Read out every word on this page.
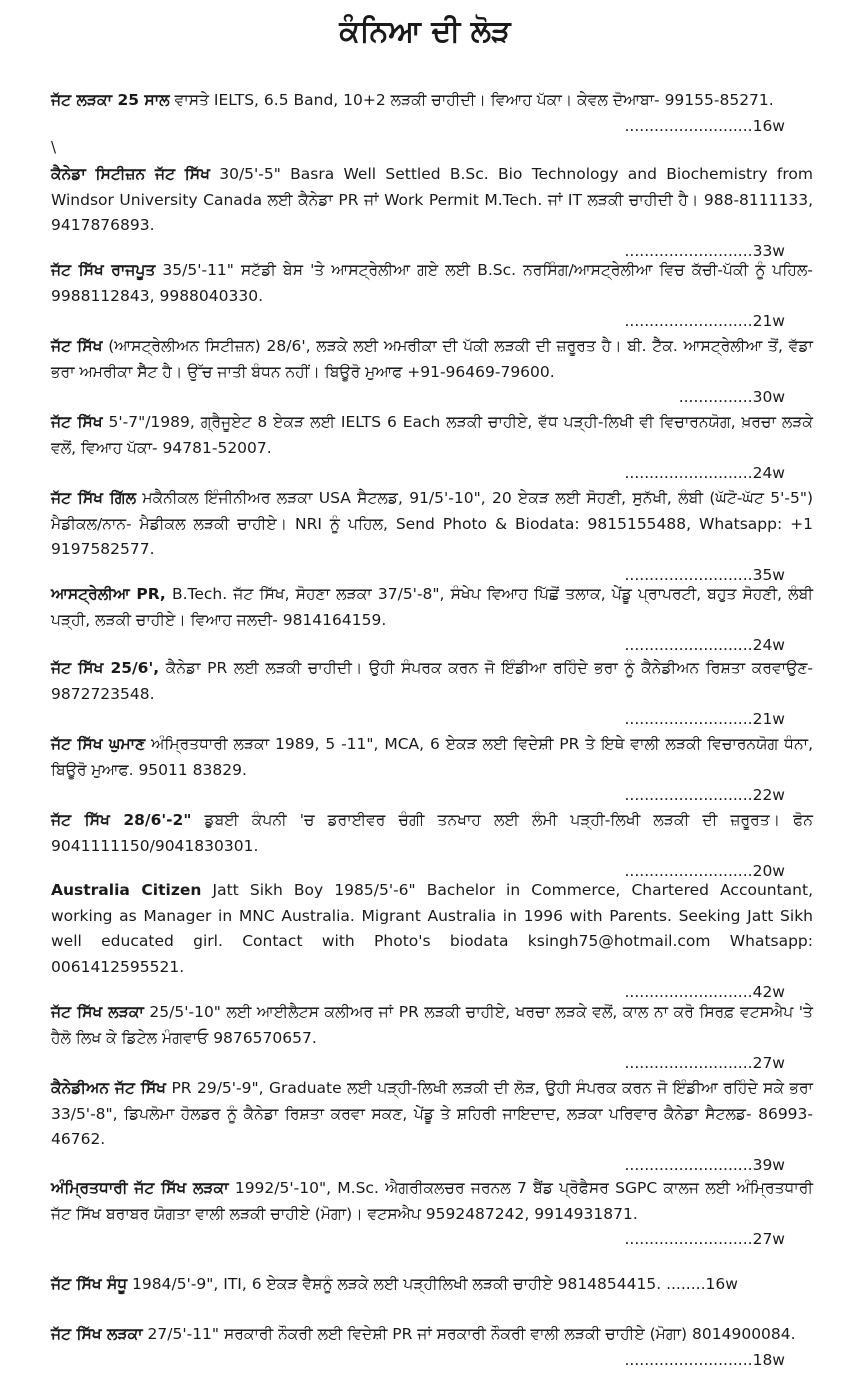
ਕੰਨਿਆ ਦੀ ਲੋੜ
\
ਜੱਟ ਲੜਕਾ 25 ਸਾਲ ਵਾਸਤੇ IELTS, 6.5 Band, 10+2 ਲੜਕੀ ਚਾਹੀਦੀ। ਵਿਆਹ ਪੱਕਾ। ਕੇਵਲ ਦੋਆਬਾ- 99155-85271.
..........................16w
ਕੈਨੇਡਾ ਸਿਟੀਜ਼ਨ ਜੱਟ ਸਿੱਖ 30/5'-5" Basra Well Settled B.Sc. Bio Technology and Biochemistry from Windsor University Canada ਲਈ ਕੈਨੇਡਾ PR ਜਾਂ Work Permit M.Tech. ਜਾਂ IT ਲੜਕੀ ਚਾਹੀਦੀ ਹੈ। 988-8111133, 9417876893.
..........................33w
ਜੱਟ ਸਿੱਖ ਰਾਜਪੂਤ 35/5'-11" ਸਟੱਡੀ ਬੇਸ 'ਤੇ ਆਸਟ੍ਰੇਲੀਆ ਗਏ ਲਈ B.Sc. ਨਰਸਿੰਗ/ਆਸਟ੍ਰੇਲੀਆ ਵਿਚ ਕੱਚੀ-ਪੱਕੀ ਨੂੰ ਪਹਿਲ- 9988112843, 9988040330.
..........................21w
ਜੱਟ ਸਿੱਖ (ਆਸਟ੍ਰੇਲੀਅਨ ਸਿਟੀਜ਼ਨ) 28/6', ਲੜਕੇ ਲਈ ਅਮਰੀਕਾ ਦੀ ਪੱਕੀ ਲੜਕੀ ਦੀ ਜ਼ਰੂਰਤ ਹੈ। ਬੀ. ਟੈੱਕ. ਆਸਟ੍ਰੇਲੀਆ ਤੋਂ, ਵੱਡਾ ਭਰਾ ਅਮਰੀਕਾ ਸੈੱਟ ਹੈ। ਉੱਚ ਜਾਤੀ ਬੰਧਨ ਨਹੀਂ। ਬਿਊਰੋ ਮੁਆਫ +91-96469-79600.
...............30w
ਜੱਟ ਸਿੱਖ 5'-7"/1989, ਗ੍ਰੈਜੂਏਟ 8 ਏਕੜ ਲਈ IELTS 6 Each ਲੜਕੀ ਚਾਹੀਏ, ਵੱਧ ਪੜ੍ਹੀ-ਲਿਖੀ ਵੀ ਵਿਚਾਰਨਯੋਗ, ਖ਼ਰਚਾ ਲੜਕੇ ਵਲੋਂ, ਵਿਆਹ ਪੱਕਾ- 94781-52007.
..........................24w
ਜੱਟ ਸਿੱਖ ਗਿੱਲ ਮਕੈਨੀਕਲ ਇੰਜੀਨੀਅਰ ਲੜਕਾ USA ਸੈਟਲਡ, 91/5'-10", 20 ਏਕੜ ਲਈ ਸੋਹਣੀ, ਸੁਨੱਖੀ, ਲੰਬੀ (ਘੱਟੋ-ਘੱਟ 5'-5") ਮੈਡੀਕਲ/ਨਾਨ- ਮੈਡੀਕਲ ਲੜਕੀ ਚਾਹੀਏ। NRI ਨੂੰ ਪਹਿਲ, Send Photo & Biodata: 9815155488, Whatsapp: +1 9197582577.
..........................35w
ਆਸਟ੍ਰੇਲੀਆ PR, B.Tech. ਜੱਟ ਸਿੱਖ, ਸੋਹਣਾ ਲੜਕਾ 37/5'-8", ਸੰਖੇਪ ਵਿਆਹ ਪਿੱਛੋਂ ਤਲਾਕ, ਪੇਂਡੂ ਪ੍ਰਾਪਰਟੀ, ਬਹੁਤ ਸੋਹਣੀ, ਲੰਬੀ ਪੜ੍ਹੀ, ਲੜਕੀ ਚਾਹੀਏ। ਵਿਆਹ ਜਲਦੀ- 9814164159.
..........................24w
ਜੱਟ ਸਿੱਖ 25/6', ਕੈਨੇਡਾ PR ਲਈ ਲੜਕੀ ਚਾਹੀਦੀ। ਉਹੀ ਸੰਪਰਕ ਕਰਨ ਜੋ ਇੰਡੀਆ ਰਹਿੰਦੇ ਭਰਾ ਨੂੰ ਕੈਨੇਡੀਅਨ ਰਿਸ਼ਤਾ ਕਰਵਾਉਣ- 9872723548.
..........................21w
ਜੱਟ ਸਿੱਖ ਘੁਮਾਣ ਅੰਮ੍ਰਿਤਧਾਰੀ ਲੜਕਾ 1989, 5 -11", MCA, 6 ਏਕੜ ਲਈ ਵਿਦੇਸ਼ੀ PR ਤੇ ਇਥੇ ਵਾਲੀ ਲੜਕੀ ਵਿਚਾਰਨਯੋਗ ਧੰਨਾ, ਬਿਊਰੋ ਮੁਆਫ. 95011 83829.
..........................22w
ਜੱਟ ਸਿੱਖ 28/6'-2" ਡੁਬਈ ਕੰਪਨੀ 'ਚ ਡਰਾਈਵਰ ਚੰਗੀ ਤਨਖਾਹ ਲਈ ਲੰਮੀ ਪੜ੍ਹੀ-ਲਿਖੀ ਲੜਕੀ ਦੀ ਜ਼ਰੂਰਤ। ਫੋਨ 9041111150/9041830301.
..........................20w
Australia Citizen Jatt Sikh Boy 1985/5'-6" Bachelor in Commerce, Chartered Accountant, working as Manager in MNC Australia. Migrant Australia in 1996 with Parents. Seeking Jatt Sikh well educated girl. Contact with Photo's biodata ksingh75@hotmail.com Whatsapp: 0061412595521.
..........................42w
ਜੱਟ ਸਿੱਖ ਲੜਕਾ 25/5'-10" ਲਈ ਆਈਲੈਟਸ ਕਲੀਅਰ ਜਾਂ PR ਲੜਕੀ ਚਾਹੀਏ, ਖਰਚਾ ਲੜਕੇ ਵਲੋਂ, ਕਾਲ ਨਾ ਕਰੋ ਸਿਰਫ਼ ਵਟਸਐਪ 'ਤੇ ਹੈਲੋ ਲਿਖ ਕੇ ਡਿਟੇਲ ਮੰਗਵਾਓ 9876570657.
..........................27w
ਕੈਨੇਡੀਅਨ ਜੱਟ ਸਿੱਖ PR 29/5'-9", Graduate ਲਈ ਪੜ੍ਹੀ-ਲਿਖੀ ਲੜਕੀ ਦੀ ਲੋੜ, ਉਹੀ ਸੰਪਰਕ ਕਰਨ ਜੋ ਇੰਡੀਆ ਰਹਿੰਦੇ ਸਕੇ ਭਰਾ 33/5'-8", ਡਿਪਲੋਮਾ ਹੋਲਡਰ ਨੂੰ ਕੈਨੇਡਾ ਰਿਸ਼ਤਾ ਕਰਵਾ ਸਕਣ, ਪੇਂਡੂ ਤੇ ਸ਼ਹਿਰੀ ਜਾਇਦਾਦ, ਲੜਕਾ ਪਰਿਵਾਰ ਕੈਨੇਡਾ ਸੈਟਲਡ- 86993-46762.
..........................39w
ਅੰਮ੍ਰਿਤਧਾਰੀ ਜੱਟ ਸਿੱਖ ਲੜਕਾ 1992/5'-10", M.Sc. ਐਗਰੀਕਲਚਰ ਜਰਨਲ 7 ਬੈਂਡ ਪ੍ਰੋਫੈਸਰ SGPC ਕਾਲਜ ਲਈ ਅੰਮ੍ਰਿਤਧਾਰੀ ਜੱਟ ਸਿੱਖ ਬਰਾਬਰ ਯੋਗਤਾ ਵਾਲੀ ਲੜਕੀ ਚਾਹੀਏ (ਮੋਗਾ)। ਵਟਸਐਪ 9592487242, 9914931871.
..........................27w
ਜੱਟ ਸਿੱਖ ਸੰਧੂ 1984/5'-9", ITI, 6 ਏਕੜ ਵੈਸ਼ਨੂੰ ਲੜਕੇ ਲਈ ਪੜ੍ਹੀਲਿਖੀ ਲੜਕੀ ਚਾਹੀਏ 9814854415. ........16w
ਜੱਟ ਸਿੱਖ ਲੜਕਾ 27/5'-11" ਸਰਕਾਰੀ ਨੌਕਰੀ ਲਈ ਵਿਦੇਸ਼ੀ PR ਜਾਂ ਸਰਕਾਰੀ ਨੌਕਰੀ ਵਾਲੀ ਲੜਕੀ ਚਾਹੀਏ (ਮੋਗਾ) 8014900084.
..........................18w
